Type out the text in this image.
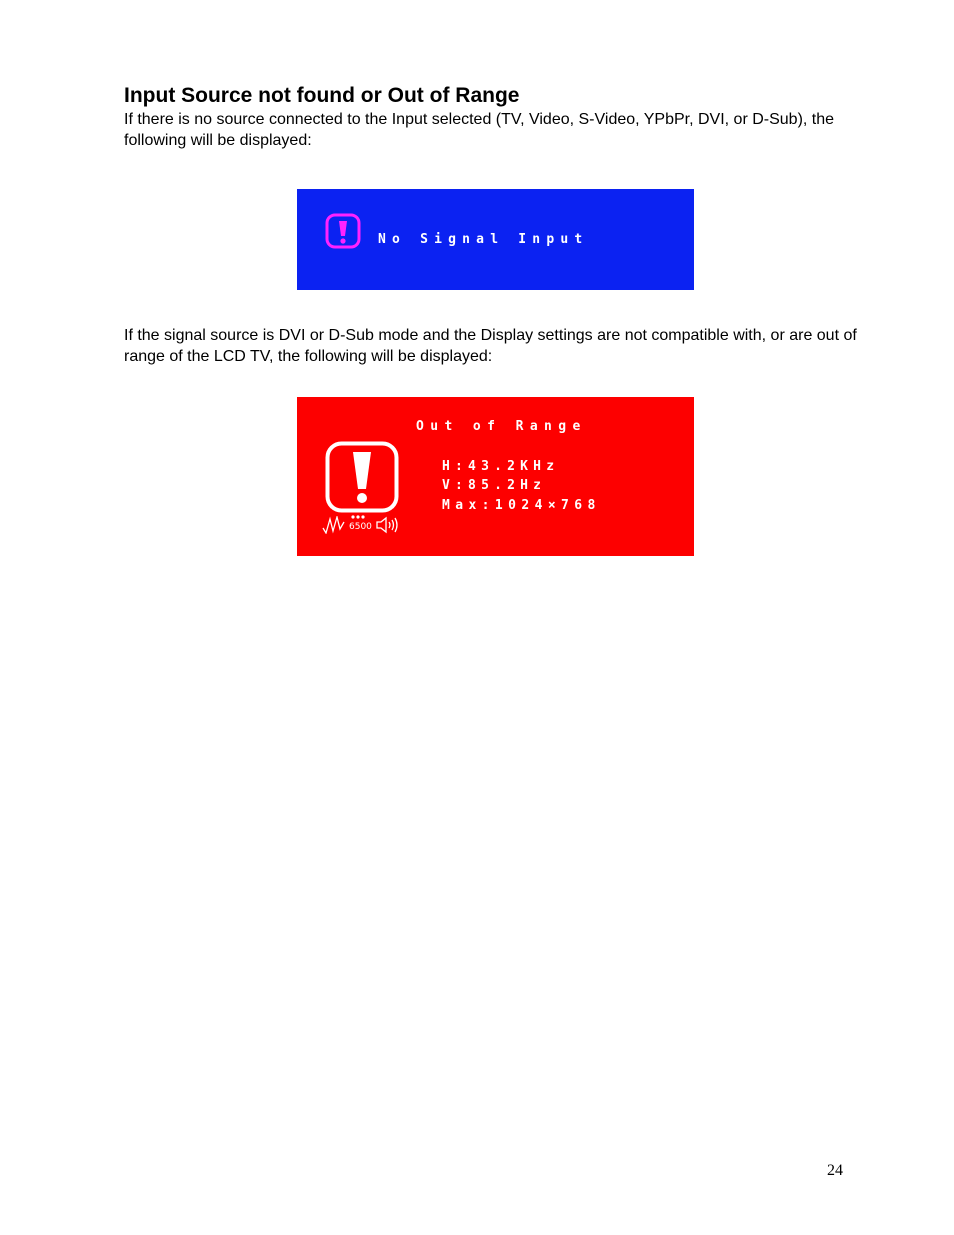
Input Source not found or Out of Range

If there is no source connected to the Input selected (TV, Video, S-Video, YPbPr, DVI, or D-Sub), the following will be displayed:

No Signal Input

If the signal source is DVI or D-Sub mode and the Display settings are not compatible with, or are out of range of the LCD TV, the following will be displayed:

Out of Range
H:43.2KHz
V:85.2Hz
Max:1024×768
6500
24
